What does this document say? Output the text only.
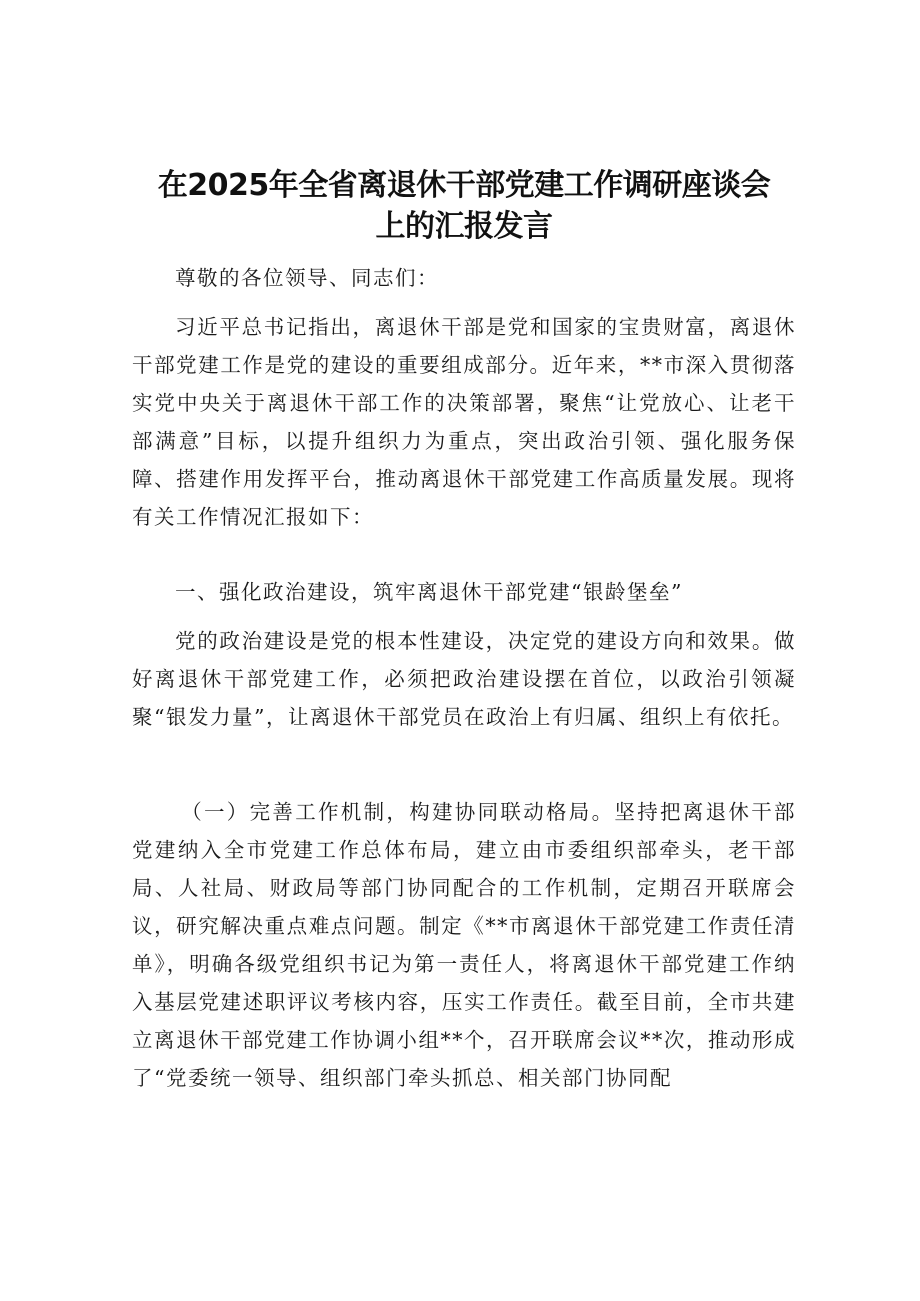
在2025年全省离退休干部党建工作调研座谈会
上的汇报发言

尊敬的各位领导、同志们：

习近平总书记指出，离退休干部是党和国家的宝贵财富，离退休干部党建工作是党的建设的重要组成部分。近年来，**市深入贯彻落实党中央关于离退休干部工作的决策部署，聚焦“让党放心、让老干部满意”目标，以提升组织力为重点，突出政治引领、强化服务保障、搭建作用发挥平台，推动离退休干部党建工作高质量发展。现将有关工作情况汇报如下：

一、强化政治建设，筑牢离退休干部党建“银龄堡垒”

党的政治建设是党的根本性建设，决定党的建设方向和效果。做好离退休干部党建工作，必须把政治建设摆在首位，以政治引领凝聚“银发力量”，让离退休干部党员在政治上有归属、组织上有依托。

（一）完善工作机制，构建协同联动格局。坚持把离退休干部党建纳入全市党建工作总体布局，建立由市委组织部牵头，老干部局、人社局、财政局等部门协同配合的工作机制，定期召开联席会议，研究解决重点难点问题。制定《**市离退休干部党建工作责任清单》，明确各级党组织书记为第一责任人，将离退休干部党建工作纳入基层党建述职评议考核内容，压实工作责任。截至目前，全市共建立离退休干部党建工作协调小组**个，召开联席会议**次，推动形成了“党委统一领导、组织部门牵头抓总、相关部门协同配
